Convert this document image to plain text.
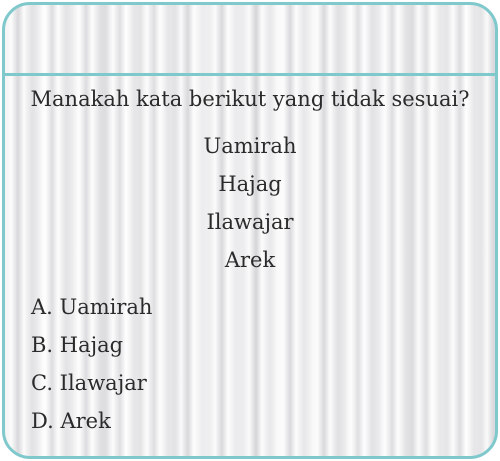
Manakah kata berikut yang tidak sesuai?
Uamirah
Hajag
Ilawajar
Arek
A. Uamirah
B. Hajag
C. Ilawajar
D. Arek
